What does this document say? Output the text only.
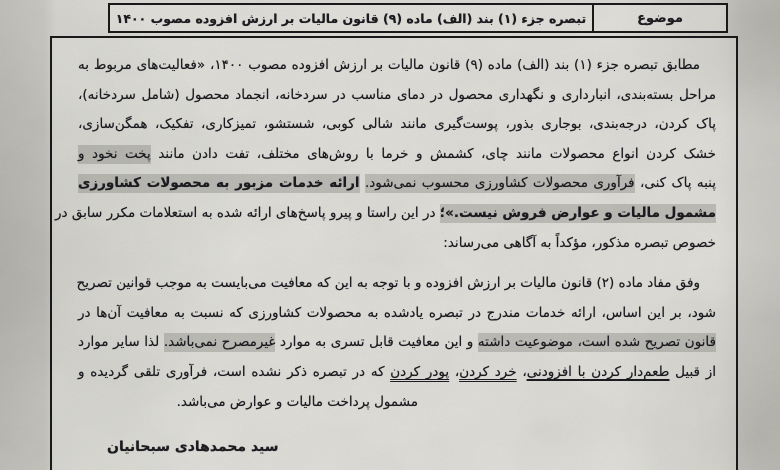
موضوع
تبصره جزء (۱) بند (الف) ماده (۹) قانون مالیات بر ارزش افزوده مصوب ۱۴۰۰
مطابق تبصره جزء (۱) بند (الف) ماده (۹) قانون مالیات بر ارزش افزوده مصوب ۱۴۰۰، «فعالیت‌های مربوط به
مراحل بسته‌بندی، انبارداری و نگهداری محصول در دمای مناسب در سردخانه، انجماد محصول (شامل سردخانه)،
پاک کردن، درجه‌بندی، بوجاری بذور، پوست‌گیری مانند شالی کوبی، شستشو، تمیزکاری، تفکیک، همگن‌سازی،
خشک کردن انواع محصولات مانند چای، کشمش و خرما با روش‌های مختلف، تفت دادن مانند پخت نخود و
پنبه پاک کنی، فرآوری محصولات کشاورزی محسوب نمی‌شود. ارائه خدمات مزبور به محصولات کشاورزی
مشمول مالیات و عوارض فروش نیست.»؛ در این راستا و پیرو پاسخ‌های ارائه شده به استعلامات مکرر سابق در
خصوص تبصره مذکور، مؤکداً به آگاهی می‌رساند:
وفق مفاد ماده (۲) قانون مالیات بر ارزش افزوده و با توجه به این که معافیت می‌بایست به موجب قوانین تصریح
شود، بر این اساس، ارائه خدمات مندرج در تبصره یادشده به محصولات کشاورزی که نسبت به معافیت آن‌ها در
قانون تصریح شده است، موضوعیت داشته و این معافیت قابل تسری به موارد غیرمصرح نمی‌باشد. لذا سایر موارد
از قبیل طعم‌دار کردن با افزودنی، خرد کردن، پودر کردن که در تبصره ذکر نشده است، فرآوری تلقی گردیده و
مشمول پرداخت مالیات و عوارض می‌باشد.
سید محمدهادی سبحانیان
